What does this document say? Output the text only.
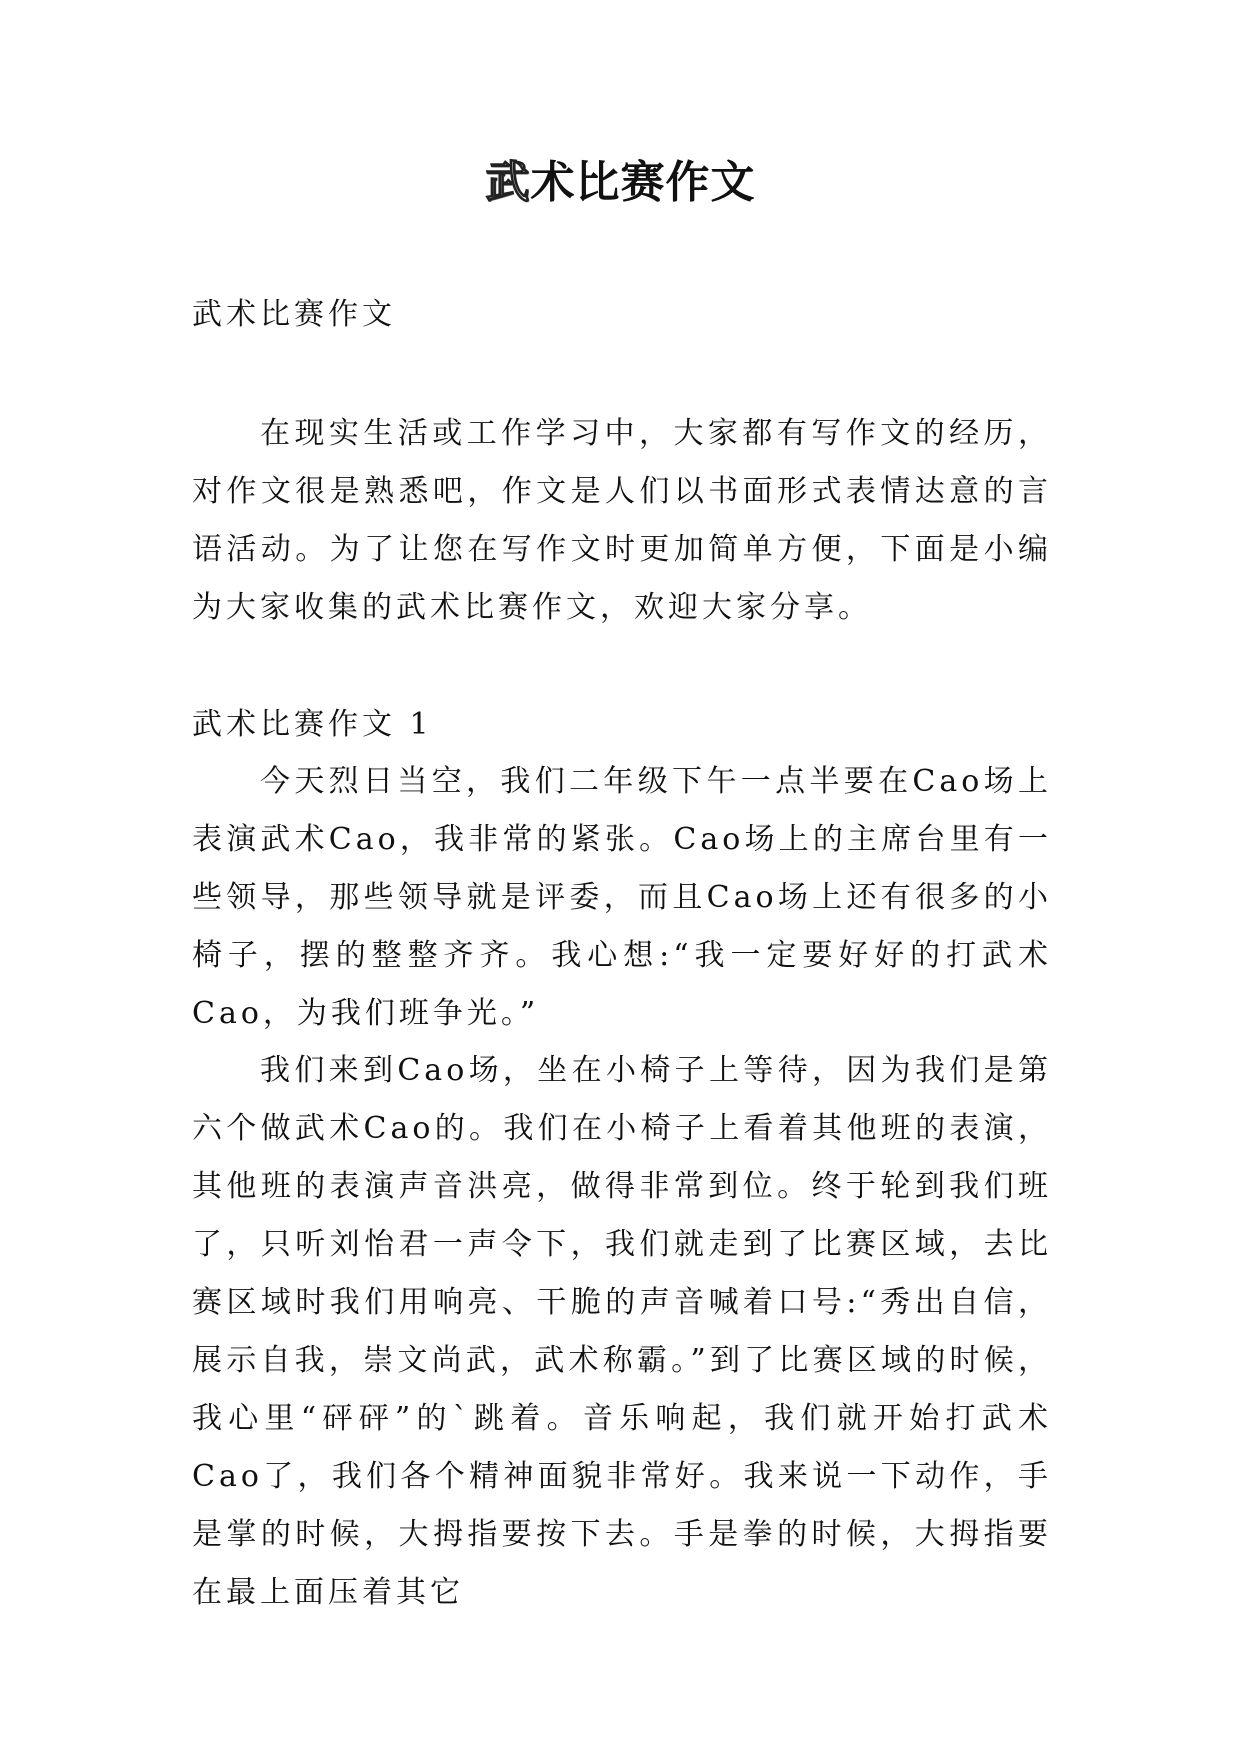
武术比赛作文
武术比赛作文

在现实生活或工作学习中，大家都有写作文的经历，对作文很是熟悉吧，作文是人们以书面形式表情达意的言语活动。为了让您在写作文时更加简单方便，下面是小编为大家收集的武术比赛作文，欢迎大家分享。

武术比赛作文 1

今天烈日当空，我们二年级下午一点半要在Cao场上表演武术Cao，我非常的紧张。Cao场上的主席台里有一些领导，那些领导就是评委，而且Cao场上还有很多的小椅子，摆的整整齐齐。我心想:“我一定要好好的打武术Cao，为我们班争光。”

我们来到Cao场，坐在小椅子上等待，因为我们是第六个做武术Cao的。我们在小椅子上看着其他班的表演，其他班的表演声音洪亮，做得非常到位。终于轮到我们班了，只听刘怡君一声令下，我们就走到了比赛区域，去比赛区域时我们用响亮、干脆的声音喊着口号:“秀出自信，展示自我，崇文尚武，武术称霸。”到了比赛区域的时候，我心里“砰砰”的`跳着。音乐响起，我们就开始打武术Cao了，我们各个精神面貌非常好。我来说一下动作，手是掌的时候，大拇指要按下去。手是拳的时候，大拇指要在最上面压着其它
